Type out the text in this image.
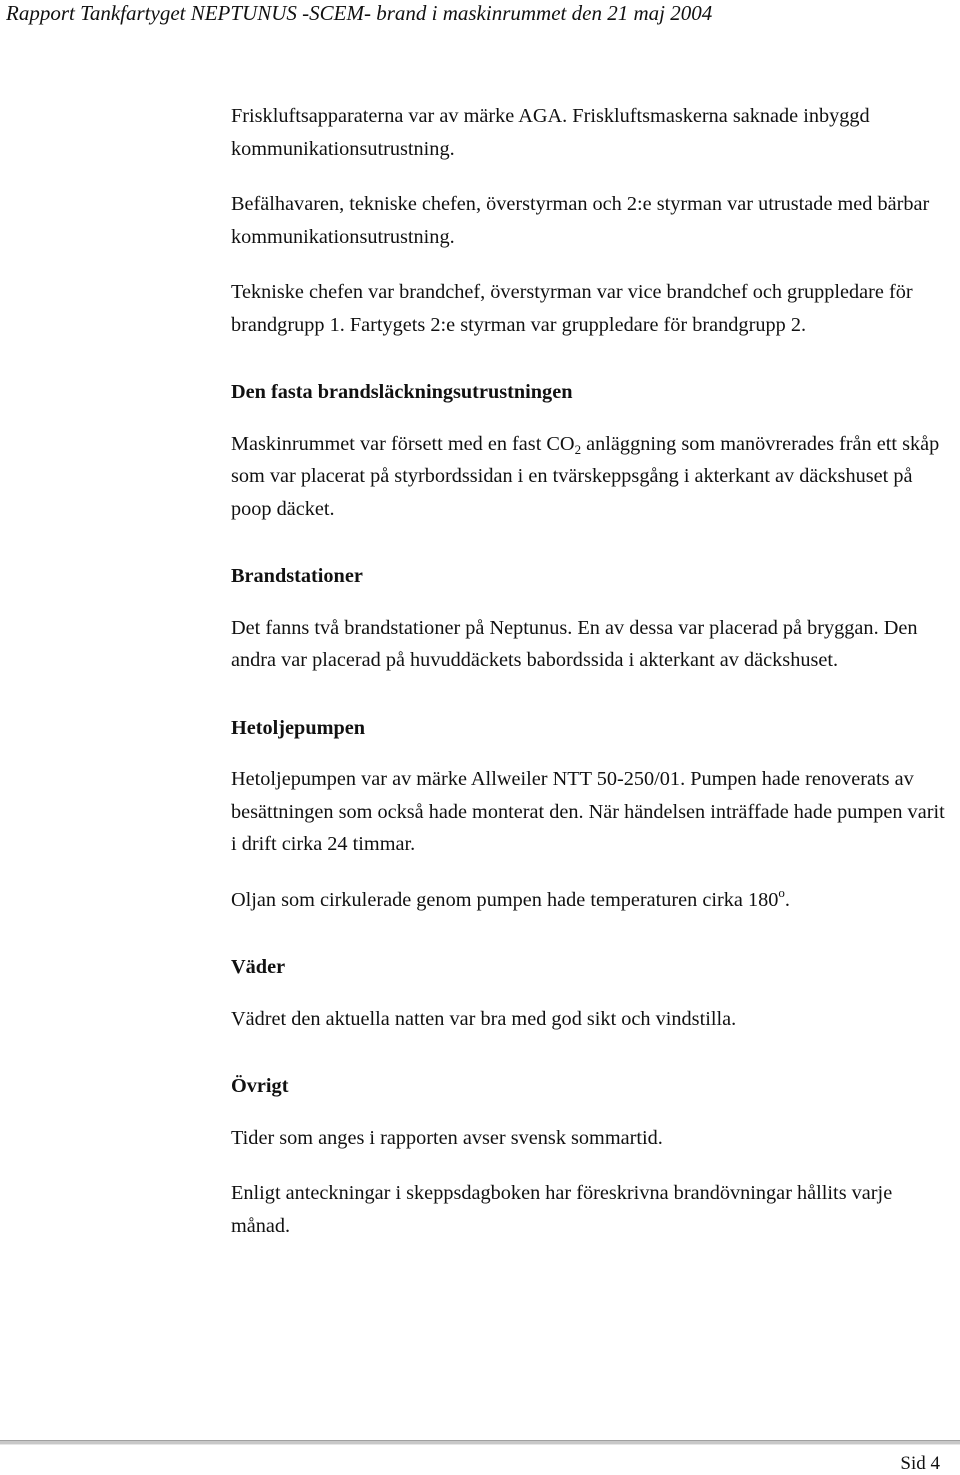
Rapport Tankfartyget NEPTUNUS -SCEM- brand i maskinrummet den 21 maj 2004

Friskluftsapparaterna var av märke AGA. Friskluftsmaskerna saknade inbyggd kommunikationsutrustning.

Befälhavaren, tekniske chefen, överstyrman och 2:e styrman var utrustade med bärbar kommunikationsutrustning.

Tekniske chefen var brandchef, överstyrman var vice brandchef och gruppledare för brandgrupp 1. Fartygets 2:e styrman var gruppledare för brandgrupp 2.

Den fasta brandsläckningsutrustningen

Maskinrummet var försett med en fast $CO_2$ anläggning som manövrerades från ett skåp som var placerat på styrbordssidan i en tvärskeppsgång i akterkant av däckshuset på poop däcket.

Brandstationer

Det fanns två brandstationer på Neptunus. En av dessa var placerad på bryggan. Den andra var placerad på huvuddäckets babordssida i akterkant av däckshuset.

Hetoljepumpen

Hetoljepumpen var av märke Allweiler NTT 50-250/01. Pumpen hade renoverats av besättningen som också hade monterat den. När händelsen inträffade hade pumpen varit i drift cirka 24 timmar.

Oljan som cirkulerade genom pumpen hade temperaturen cirka 180$^o$.

Väder

Vädret den aktuella natten var bra med god sikt och vindstilla.

Övrigt

Tider som anges i rapporten avser svensk sommartid.

Enligt anteckningar i skeppsdagboken har föreskrivna brandövningar hållits varje månad.

Sid 4
